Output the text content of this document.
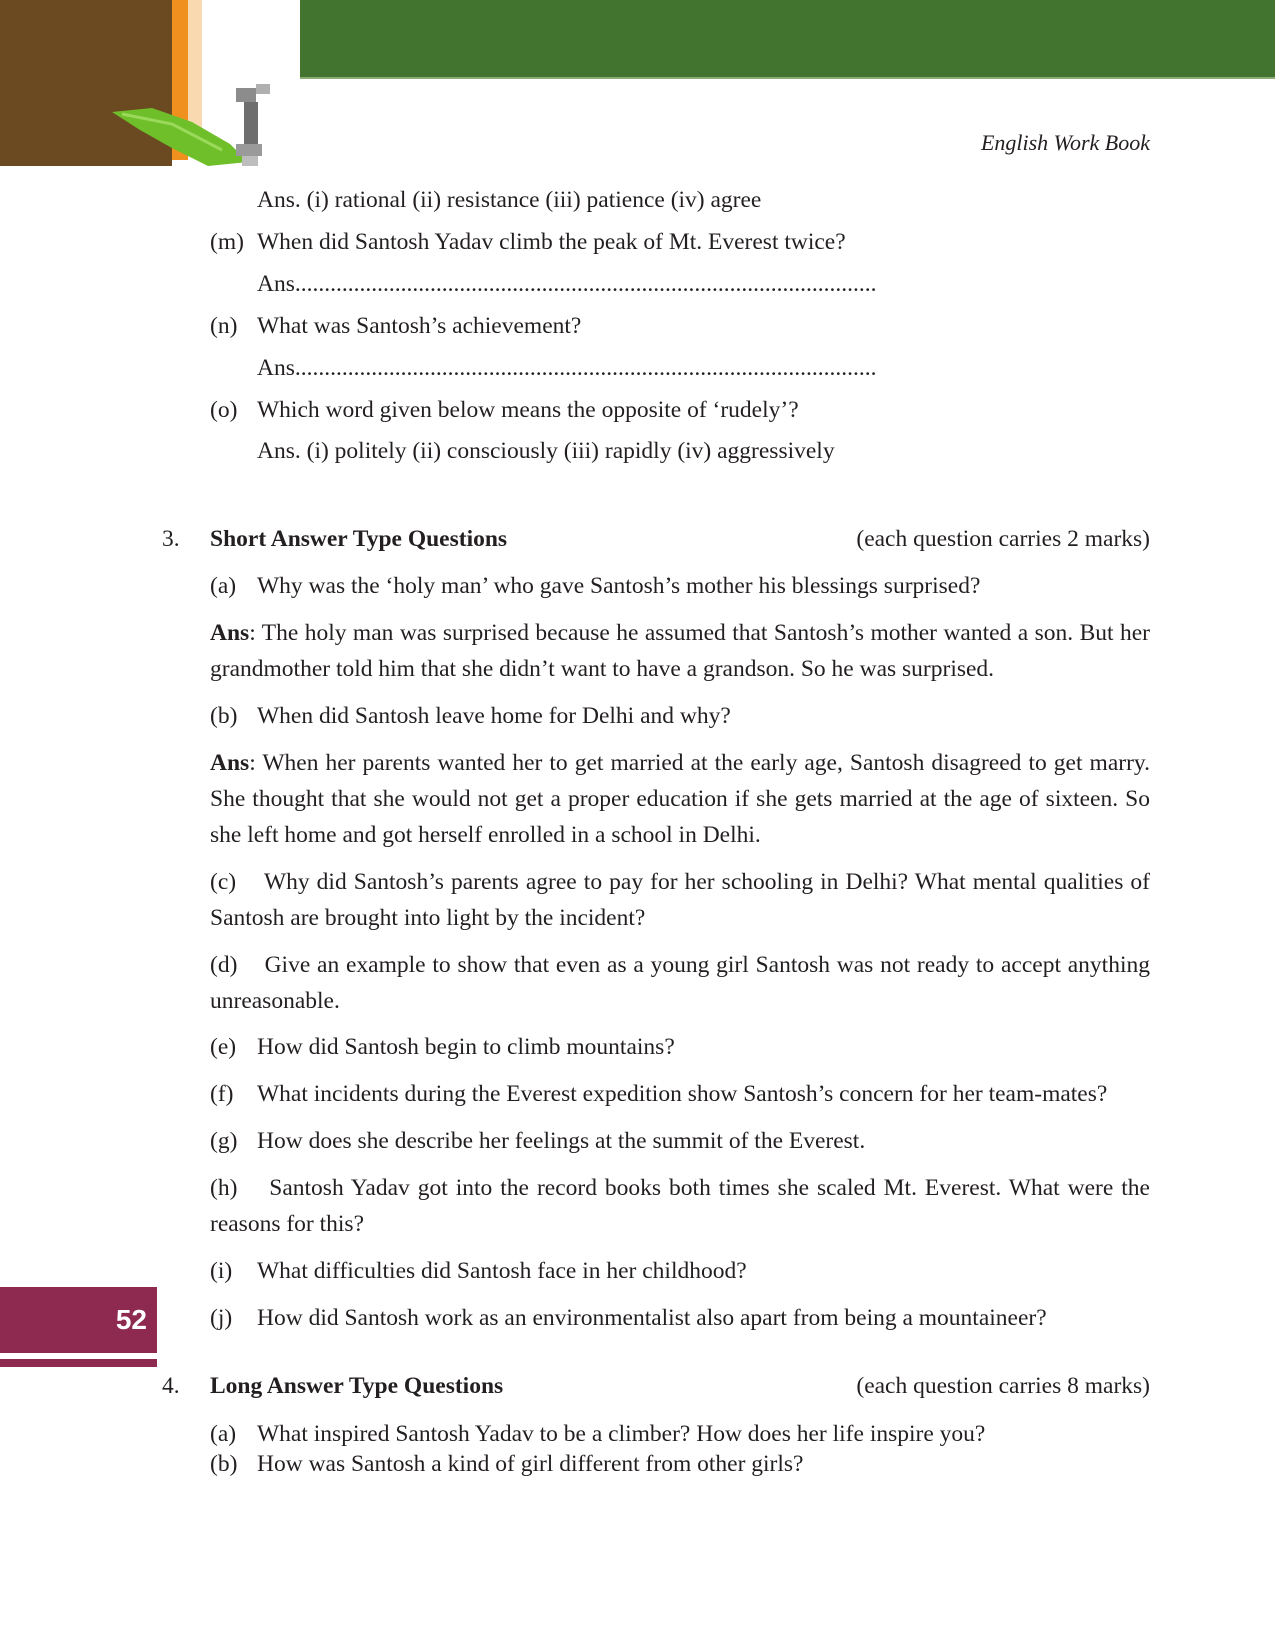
English Work Book
Ans. (i) rational (ii) resistance (iii) patience (iv) agree
(m) When did Santosh Yadav climb the peak of Mt. Everest twice?
Ans...................................................................................................
(n) What was Santosh’s achievement?
Ans...................................................................................................
(o) Which word given below means the opposite of ‘rudely’?
Ans. (i) politely (ii) consciously (iii) rapidly (iv) aggressively
3. Short Answer Type Questions	(each question carries 2 marks)
(a) Why was the ‘holy man’ who gave Santosh’s mother his blessings surprised?
Ans: The holy man was surprised because he assumed that Santosh’s mother wanted a son. But her grandmother told him that she didn’t want to have a grandson. So he was surprised.
(b) When did Santosh leave home for Delhi and why?
Ans: When her parents wanted her to get married at the early age, Santosh disagreed to get marry. She thought that she would not get a proper education if she gets married at the age of sixteen. So she left home and got herself enrolled in a school in Delhi.
(c) Why did Santosh’s parents agree to pay for her schooling in Delhi? What mental qualities of Santosh are brought into light by the incident?
(d) Give an example to show that even as a young girl Santosh was not ready to accept anything unreasonable.
(e) How did Santosh begin to climb mountains?
(f) What incidents during the Everest expedition show Santosh’s concern for her team-mates?
(g) How does she describe her feelings at the summit of the Everest.
(h) Santosh Yadav got into the record books both times she scaled Mt. Everest. What were the reasons for this?
(i) What difficulties did Santosh face in her childhood?
(j) How did Santosh work as an environmentalist also apart from being a mountaineer?
4. Long Answer Type Questions	(each question carries 8 marks)
(a) What inspired Santosh Yadav to be a climber? How does her life inspire you?
(b) How was Santosh a kind of girl different from other girls?
52
